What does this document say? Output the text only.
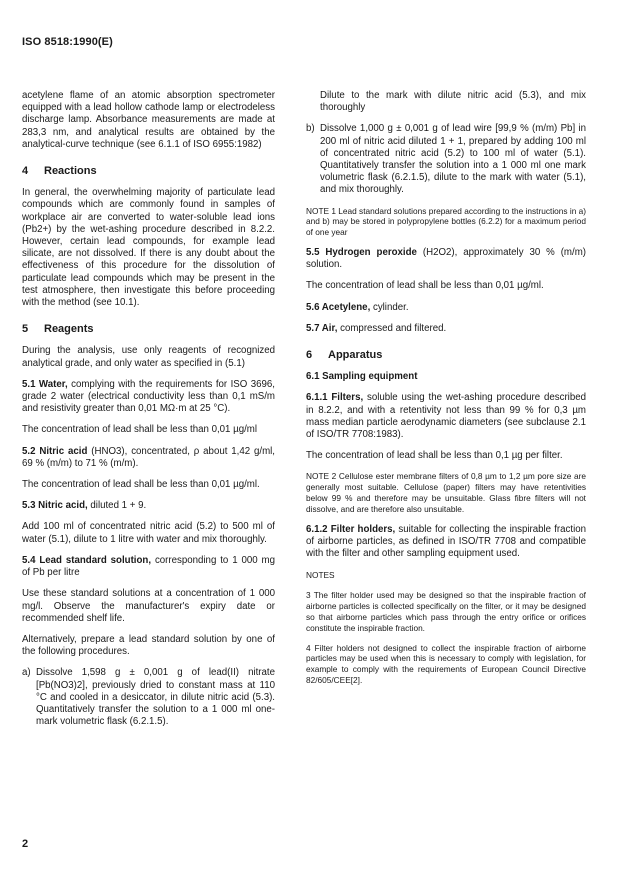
ISO 8518:1990(E)

acetylene flame of an atomic absorption spectrometer equipped with a lead hollow cathode lamp or electrodeless discharge lamp. Absorbance measurements are made at 283,3 nm, and analytical results are obtained by the analytical-curve technique (see 6.1.1 of ISO 6955:1982)

4 Reactions

In general, the overwhelming majority of particulate lead compounds which are commonly found in samples of workplace air are converted to water-soluble lead ions (Pb2+) by the wet-ashing procedure described in 8.2.2. However, certain lead compounds, for example lead silicate, are not dissolved. If there is any doubt about the effectiveness of this procedure for the dissolution of particulate lead compounds which may be present in the test atmosphere, then investigate this before proceeding with the method (see 10.1).

5 Reagents

During the analysis, use only reagents of recognized analytical grade, and only water as specified in (5.1)

5.1 Water, complying with the requirements for ISO 3696, grade 2 water (electrical conductivity less than 0,1 mS/m and resistivity greater than 0,01 MΩ·m at 25 °C).

The concentration of lead shall be less than 0,01 µg/ml

5.2 Nitric acid (HNO3), concentrated, ρ about 1,42 g/ml, 69 % (m/m) to 71 % (m/m).

The concentration of lead shall be less than 0,01 µg/ml.

5.3 Nitric acid, diluted 1 + 9.

Add 100 ml of concentrated nitric acid (5.2) to 500 ml of water (5.1), dilute to 1 litre with water and mix thoroughly.

5.4 Lead standard solution, corresponding to 1 000 mg of Pb per litre

Use these standard solutions at a concentration of 1 000 mg/l. Observe the manufacturer's expiry date or recommended shelf life.

Alternatively, prepare a lead standard solution by one of the following procedures.

a) Dissolve 1,598 g ± 0,001 g of lead(II) nitrate [Pb(NO3)2], previously dried to constant mass at 110 °C and cooled in a desiccator, in dilute nitric acid (5.3). Quantitatively transfer the solution to a 1 000 ml one-mark volumetric flask (6.2.1.5).
Dilute to the mark with dilute nitric acid (5.3), and mix thoroughly
b) Dissolve 1,000 g ± 0,001 g of lead wire [99,9 % (m/m) Pb] in 200 ml of nitric acid diluted 1 + 1, prepared by adding 100 ml of concentrated nitric acid (5.2) to 100 ml of water (5.1). Quantitatively transfer the solution into a 1 000 ml one mark volumetric flask (6.2.1.5), dilute to the mark with water (5.1), and mix thoroughly.
NOTE 1 Lead standard solutions prepared according to the instructions in a) and b) may be stored in polypropylene bottles (6.2.2) for a maximum period of one year

5.5 Hydrogen peroxide (H2O2), approximately 30 % (m/m) solution.

The concentration of lead shall be less than 0,01 µg/ml.

5.6 Acetylene, cylinder.

5.7 Air, compressed and filtered.

6 Apparatus

6.1 Sampling equipment

6.1.1 Filters, soluble using the wet-ashing procedure described in 8.2.2, and with a retentivity not less than 99 % for 0,3 µm mass median particle aerodynamic diameters (see subclause 2.1 of ISO/TR 7708:1983).

The concentration of lead shall be less than 0,1 µg per filter.

NOTE 2 Cellulose ester membrane filters of 0,8 µm to 1,2 µm pore size are generally most suitable. Cellulose (paper) filters may have retentivities below 99 % and therefore may be unsuitable. Glass fibre filters will not dissolve, and are therefore also unsuitable.

6.1.2 Filter holders, suitable for collecting the inspirable fraction of airborne particles, as defined in ISO/TR 7708 and compatible with the filter and other sampling equipment used.

NOTES
3 The filter holder used may be designed so that the inspirable fraction of airborne particles is collected specifically on the filter, or it may be designed so that airborne particles which pass through the entry orifice or orifices constitute the inspirable fraction.
4 Filter holders not designed to collect the inspirable fraction of airborne particles may be used when this is necessary to comply with legislation, for example to comply with the requirements of European Council Directive 82/605/CEE[2].
2
